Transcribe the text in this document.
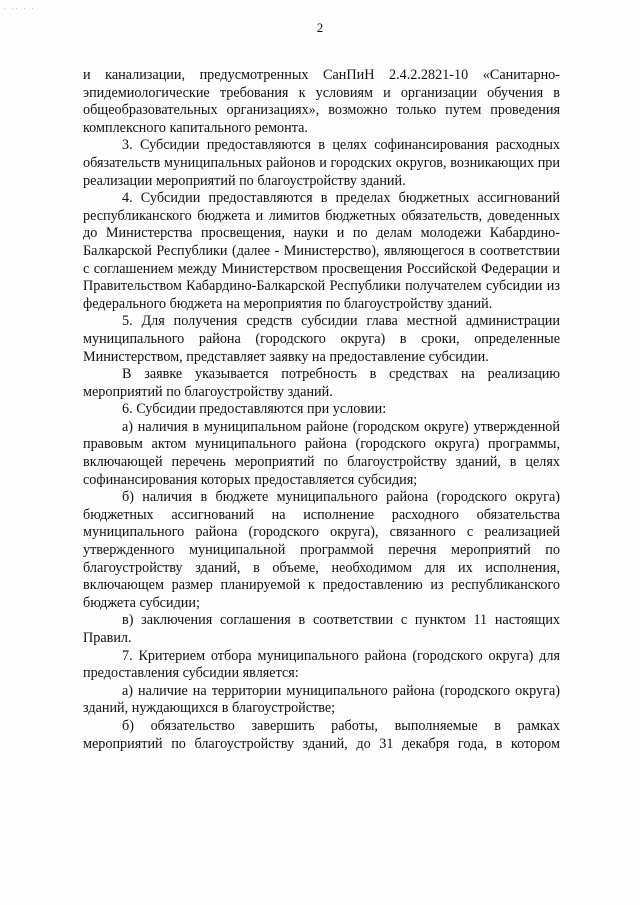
· ·· · ·
2

и канализации, предусмотренных СанПиН 2.4.2.2821-10 «Санитарно-эпидемиологические требования к условиям и организации обучения в общеобразовательных организациях», возможно только путем проведения комплексного капитального ремонта.

3. Субсидии предоставляются в целях софинансирования расходных обязательств муниципальных районов и городских округов, возникающих при реализации мероприятий по благоустройству зданий.

4. Субсидии предоставляются в пределах бюджетных ассигнований республиканского бюджета и лимитов бюджетных обязательств, доведенных до Министерства просвещения, науки и по делам молодежи Кабардино-Балкарской Республики (далее - Министерство), являющегося в соответствии с соглашением между Министерством просвещения Российской Федерации и Правительством Кабардино-Балкарской Республики получателем субсидии из федерального бюджета на мероприятия по благоустройству зданий.

5. Для получения средств субсидии глава местной администрации муниципального района (городского округа) в сроки, определенные Министерством, представляет заявку на предоставление субсидии.

В заявке указывается потребность в средствах на реализацию мероприятий по благоустройству зданий.

6. Субсидии предоставляются при условии:

а) наличия в муниципальном районе (городском округе) утвержденной правовым актом муниципального района (городского округа) программы, включающей перечень мероприятий по благоустройству зданий, в целях софинансирования которых предоставляется субсидия;

б) наличия в бюджете муниципального района (городского округа) бюджетных ассигнований на исполнение расходного обязательства муниципального района (городского округа), связанного с реализацией утвержденного муниципальной программой перечня мероприятий по благоустройству зданий, в объеме, необходимом для их исполнения, включающем размер планируемой к предоставлению из республиканского бюджета субсидии;

в) заключения соглашения в соответствии с пунктом 11 настоящих Правил.

7. Критерием отбора муниципального района (городского округа) для предоставления субсидии является:

а) наличие на территории муниципального района (городского округа) зданий, нуждающихся в благоустройстве;

б) обязательство завершить работы, выполняемые в рамках мероприятий по благоустройству зданий, до 31 декабря года, в котором
